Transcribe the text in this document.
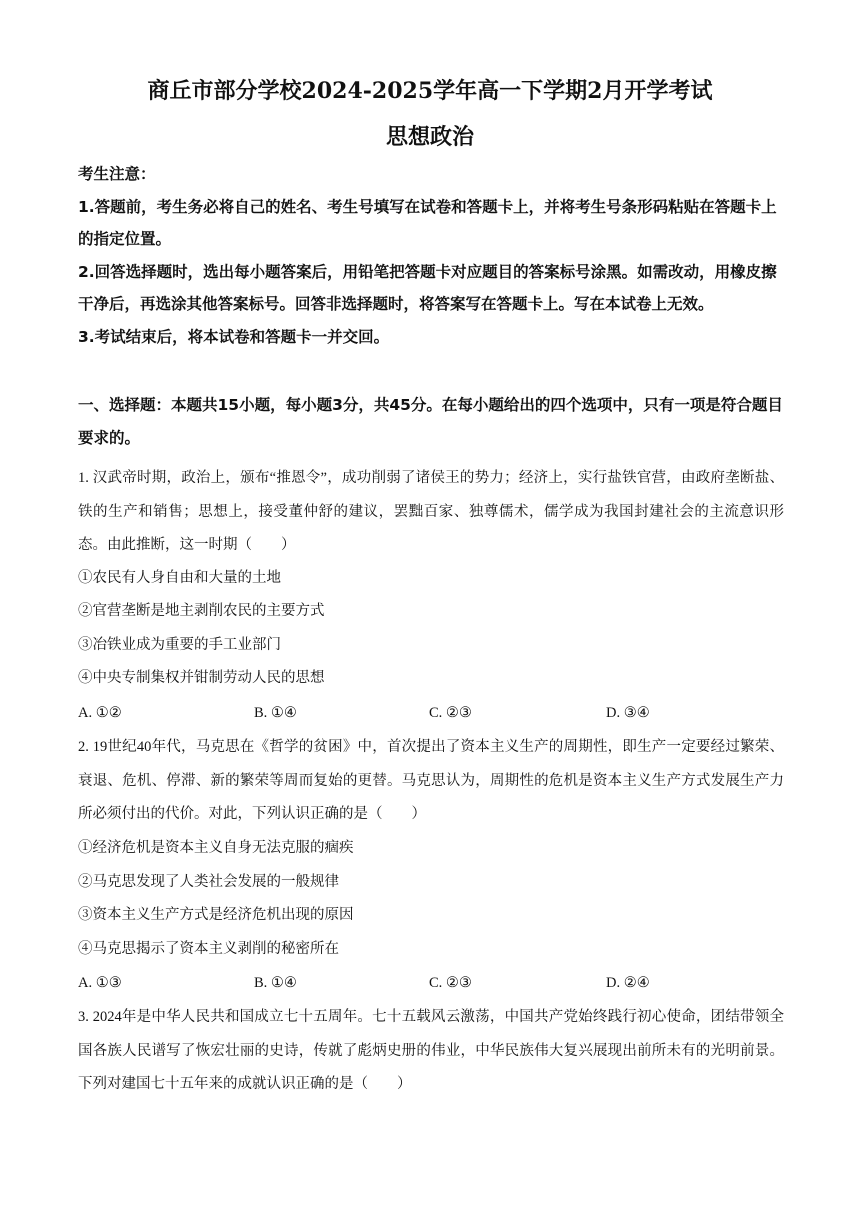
商丘市部分学校2024-2025学年高一下学期2月开学考试
思想政治

考生注意：

1.答题前，考生务必将自己的姓名、考生号填写在试卷和答题卡上，并将考生号条形码粘贴在答题卡上的指定位置。

2.回答选择题时，选出每小题答案后，用铅笔把答题卡对应题目的答案标号涂黑。如需改动，用橡皮擦干净后，再选涂其他答案标号。回答非选择题时，将答案写在答题卡上。写在本试卷上无效。

3.考试结束后，将本试卷和答题卡一并交回。

一、选择题：本题共15小题，每小题3分，共45分。在每小题给出的四个选项中，只有一项是符合题目要求的。
1. 汉武帝时期，政治上，颁布“推恩令”，成功削弱了诸侯王的势力；经济上，实行盐铁官营，由政府垄断盐、铁的生产和销售；思想上，接受董仲舒的建议，罢黜百家、独尊儒术，儒学成为我国封建社会的主流意识形态。由此推断，这一时期（　　）
①农民有人身自由和大量的土地
②官营垄断是地主剥削农民的主要方式
③冶铁业成为重要的手工业部门
④中央专制集权并钳制劳动人民的思想
A. ①②	B. ①④	C. ②③	D. ③④
2. 19世纪40年代，马克思在《哲学的贫困》中，首次提出了资本主义生产的周期性，即生产一定要经过繁荣、衰退、危机、停滞、新的繁荣等周而复始的更替。马克思认为，周期性的危机是资本主义生产方式发展生产力所必须付出的代价。对此，下列认识正确的是（　　）
①经济危机是资本主义自身无法克服的痼疾
②马克思发现了人类社会发展的一般规律
③资本主义生产方式是经济危机出现的原因
④马克思揭示了资本主义剥削的秘密所在
A. ①③	B. ①④	C. ②③	D. ②④
3. 2024年是中华人民共和国成立七十五周年。七十五载风云激荡，中国共产党始终践行初心使命，团结带领全国各族人民谱写了恢宏壮丽的史诗，传就了彪炳史册的伟业，中华民族伟大复兴展现出前所未有的光明前景。下列对建国七十五年来的成就认识正确的是（　　）
